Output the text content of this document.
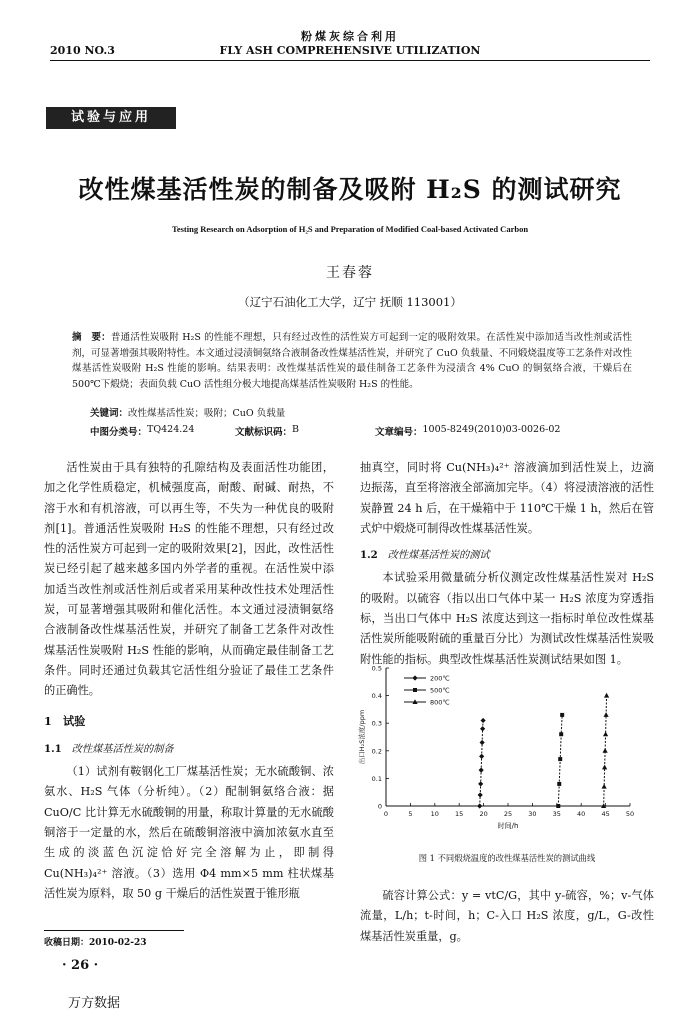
粉煤灰综合利用
2010 NO.3	FLY ASH COMPREHENSIVE UTILIZATION
试验与应用
改性煤基活性炭的制备及吸附 H₂S 的测试研究
Testing Research on Adsorption of H₂S and Preparation of Modified Coal-based Activated Carbon
王春蓉
（辽宁石油化工大学，辽宁 抚顺 113001）
摘　要：普通活性炭吸附 H₂S 的性能不理想，只有经过改性的活性炭方可起到一定的吸附效果。在活性炭中添加适当改性剂或活性剂，可显著增强其吸附特性。本文通过浸渍铜氨络合液制备改性煤基活性炭，并研究了 CuO 负载量、不同煅烧温度等工艺条件对改性煤基活性炭吸附 H₂S 性能的影响。结果表明：改性煤基活性炭的最佳制备工艺条件为浸渍含 4% CuO 的铜氨络合液，干燥后在 500℃下煅烧；表面负载 CuO 活性组分极大地提高煤基活性炭吸附 H₂S 的性能。
关键词：改性煤基活性炭；吸附；CuO 负载量
中图分类号： TQ424.24	文献标识码： B	文章编号： 1005-8249(2010)03-0026-02

活性炭由于具有独特的孔隙结构及表面活性功能团，加之化学性质稳定，机械强度高，耐酸、耐碱、耐热，不溶于水和有机溶液，可以再生等，不失为一种优良的吸附剂[1]。普通活性炭吸附 H₂S 的性能不理想，只有经过改性的活性炭方可起到一定的吸附效果[2]，因此，改性活性炭已经引起了越来越多国内外学者的重视。在活性炭中添加适当改性剂或活性剂后或者采用某种改性技术处理活性炭，可显著增强其吸附和催化活性。本文通过浸渍铜氨络合液制备改性煤基活性炭，并研究了制备工艺条件对改性煤基活性炭吸附 H₂S 性能的影响，从而确定最佳制备工艺条件。同时还通过负载其它活性组分验证了最佳工艺条件的正确性。

1　试验

1.1 改性煤基活性炭的制备

（1）试剂有鞍钢化工厂煤基活性炭；无水硫酸铜、浓氨水、H₂S 气体（分析纯）。（2）配制铜氨络合液：据 CuO/C 比计算无水硫酸铜的用量，称取计算量的无水硫酸铜溶于一定量的水，然后在硫酸铜溶液中滴加浓氨水直至生成的淡蓝色沉淀恰好完全溶解为止，即制得 Cu(NH₃)₄²⁺ 溶液。（3）选用 Φ4 mm×5 mm 柱状煤基活性炭为原料，取 50 g 干燥后的活性炭置于锥形瓶

抽真空，同时将 Cu(NH₃)₄²⁺ 溶液滴加到活性炭上，边滴边振荡，直至将溶液全部滴加完毕。（4）将浸渍溶液的活性炭静置 24 h 后，在干燥箱中于 110℃干燥 1 h，然后在管式炉中煅烧可制得改性煤基活性炭。

1.2 改性煤基活性炭的测试

本试验采用微量硫分析仪测定改性煤基活性炭对 H₂S 的吸附。以硫容（指以出口气体中某一 H₂S 浓度为穿透指标，当出口气体中 H₂S 浓度达到这一指标时单位改性煤基活性炭所能吸附硫的重量百分比）为测试改性煤基活性炭吸附性能的指标。典型改性煤基活性炭测试结果如图 1。

0	5	10 15 20 25 30 35 40 45 50
0
0.1
0.2
0.3
0.4
0.5
时间/h
出口H₂S浓度/ppm
200℃
500℃
800℃
图 1 不同煅烧温度的改性煤基活性炭的测试曲线
硫容计算公式：y = vtC/G，其中 y-硫容，%；v-气体流量，L/h；t-时间，h；C-入口 H₂S 浓度，g/L，G-改性煤基活性炭重量，g。
收稿日期：2010-02-23
· 26 ·
万方数据
